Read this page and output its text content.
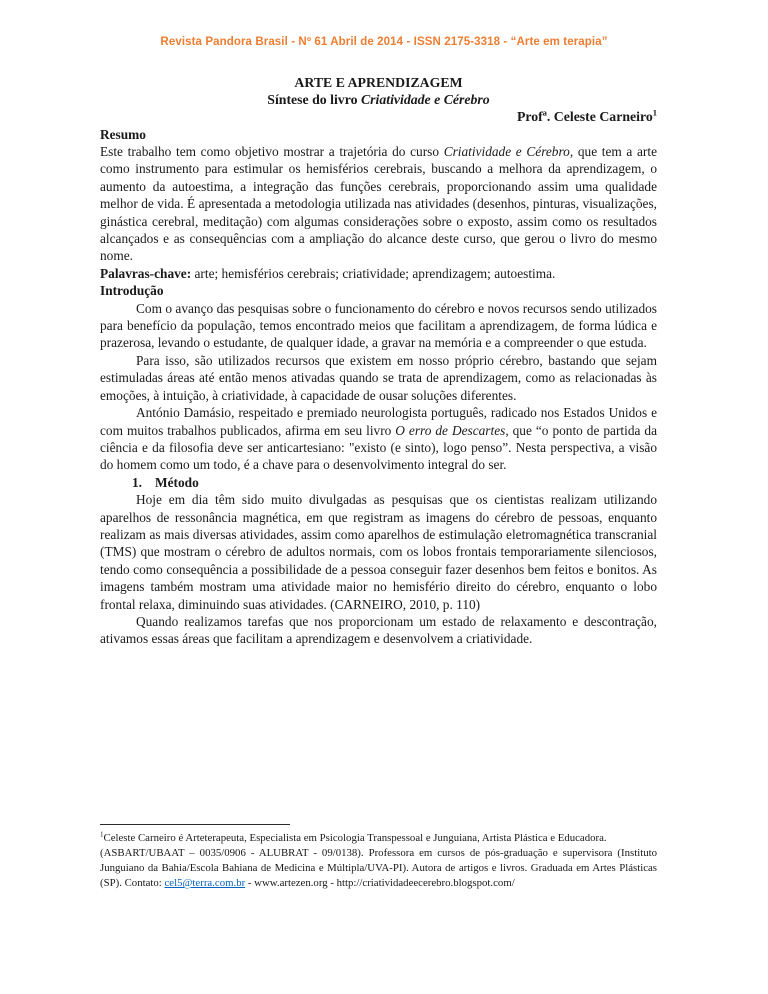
Revista Pandora Brasil - Nº 61 Abril de 2014 - ISSN 2175-3318 - “Arte em terapia”
ARTE E APRENDIZAGEM
Síntese do livro Criatividade e Cérebro
Profª. Celeste Carneiro$^1$

Resumo

Este trabalho tem como objetivo mostrar a trajetória do curso Criatividade e Cérebro, que tem a arte como instrumento para estimular os hemisférios cerebrais, buscando a melhora da aprendizagem, o aumento da autoestima, a integração das funções cerebrais, proporcionando assim uma qualidade melhor de vida. É apresentada a metodologia utilizada nas atividades (desenhos, pinturas, visualizações, ginástica cerebral, meditação) com algumas considerações sobre o exposto, assim como os resultados alcançados e as consequências com a ampliação do alcance deste curso, que gerou o livro do mesmo nome.

Palavras-chave: arte; hemisférios cerebrais; criatividade; aprendizagem; autoestima.

Introdução

Com o avanço das pesquisas sobre o funcionamento do cérebro e novos recursos sendo utilizados para benefício da população, temos encontrado meios que facilitam a aprendizagem, de forma lúdica e prazerosa, levando o estudante, de qualquer idade, a gravar na memória e a compreender o que estuda.

Para isso, são utilizados recursos que existem em nosso próprio cérebro, bastando que sejam estimuladas áreas até então menos ativadas quando se trata de aprendizagem, como as relacionadas às emoções, à intuição, à criatividade, à capacidade de ousar soluções diferentes.

António Damásio, respeitado e premiado neurologista português, radicado nos Estados Unidos e com muitos trabalhos publicados, afirma em seu livro O erro de Descartes, que “o ponto de partida da ciência e da filosofia deve ser anticartesiano: "existo (e sinto), logo penso”. Nesta perspectiva, a visão do homem como um todo, é a chave para o desenvolvimento integral do ser.

1. Método

Hoje em dia têm sido muito divulgadas as pesquisas que os cientistas realizam utilizando aparelhos de ressonância magnética, em que registram as imagens do cérebro de pessoas, enquanto realizam as mais diversas atividades, assim como aparelhos de estimulação eletromagnética transcranial (TMS) que mostram o cérebro de adultos normais, com os lobos frontais temporariamente silenciosos, tendo como consequência a possibilidade de a pessoa conseguir fazer desenhos bem feitos e bonitos. As imagens também mostram uma atividade maior no hemisfério direito do cérebro, enquanto o lobo frontal relaxa, diminuindo suas atividades. (CARNEIRO, 2010, p. 110)

Quando realizamos tarefas que nos proporcionam um estado de relaxamento e descontração, ativamos essas áreas que facilitam a aprendizagem e desenvolvem a criatividade.

$^1$Celeste Carneiro é Arteterapeuta, Especialista em Psicologia Transpessoal e Junguiana, Artista Plástica e Educadora.

(ASBART/UBAAT – 0035/0906 - ALUBRAT - 09/0138). Professora em cursos de pós-graduação e supervisora (Instituto Junguiano da Bahia/Escola Bahiana de Medicina e Múltipla/UVA-PI). Autora de artigos e livros. Graduada em Artes Plásticas (SP). Contato: cel5@terra.com.br - www.artezen.org - http://criatividadeecerebro.blogspot.com/
